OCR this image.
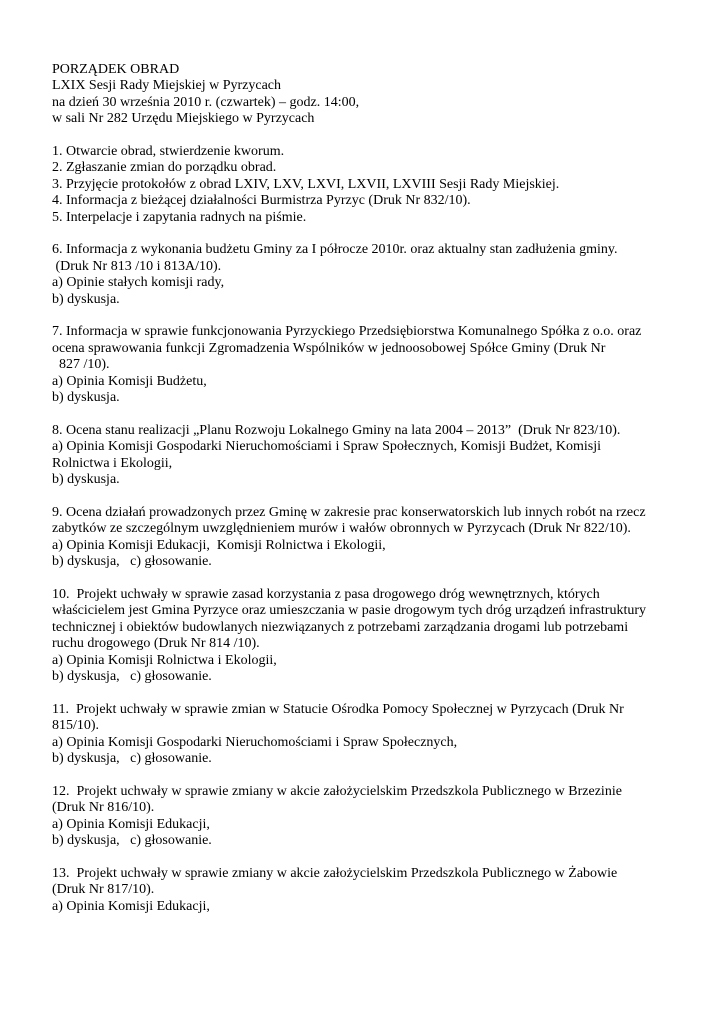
PORZĄDEK OBRAD
LXIX Sesji Rady Miejskiej w Pyrzycach
na dzień 30 września 2010 r. (czwartek) – godz. 14:00,
w sali Nr 282 Urzędu Miejskiego w Pyrzycach
1. Otwarcie obrad, stwierdzenie kworum.
2. Zgłaszanie zmian do porządku obrad.
3. Przyjęcie protokołów z obrad LXIV, LXV, LXVI, LXVII, LXVIII Sesji Rady Miejskiej.
4. Informacja z bieżącej działalności Burmistrza Pyrzyc (Druk Nr 832/10).
5. Interpelacje i zapytania radnych na piśmie.
6. Informacja z wykonania budżetu Gminy za I półrocze 2010r. oraz aktualny stan zadłużenia gminy.
(Druk Nr 813 /10 i 813A/10).
a) Opinie stałych komisji rady,
b) dyskusja.
7. Informacja w sprawie funkcjonowania Pyrzyckiego Przedsiębiorstwa Komunalnego Spółka z o.o. oraz
ocena sprawowania funkcji Zgromadzenia Wspólników w jednoosobowej Spółce Gminy (Druk Nr
827 /10).
a) Opinia Komisji Budżetu,
b) dyskusja.
8. Ocena stanu realizacji „Planu Rozwoju Lokalnego Gminy na lata 2004 – 2013”  (Druk Nr 823/10).
a) Opinia Komisji Gospodarki Nieruchomościami i Spraw Społecznych, Komisji Budżet, Komisji
Rolnictwa i Ekologii,
b) dyskusja.
9. Ocena działań prowadzonych przez Gminę w zakresie prac konserwatorskich lub innych robót na rzecz
zabytków ze szczególnym uwzględnieniem murów i wałów obronnych w Pyrzycach (Druk Nr 822/10).
a) Opinia Komisji Edukacji,  Komisji Rolnictwa i Ekologii,
b) dyskusja,   c) głosowanie.
10.  Projekt uchwały w sprawie zasad korzystania z pasa drogowego dróg wewnętrznych, których
właścicielem jest Gmina Pyrzyce oraz umieszczania w pasie drogowym tych dróg urządzeń infrastruktury
technicznej i obiektów budowlanych niezwiązanych z potrzebami zarządzania drogami lub potrzebami
ruchu drogowego (Druk Nr 814 /10).
a) Opinia Komisji Rolnictwa i Ekologii,
b) dyskusja,   c) głosowanie.
11.  Projekt uchwały w sprawie zmian w Statucie Ośrodka Pomocy Społecznej w Pyrzycach (Druk Nr
815/10).
a) Opinia Komisji Gospodarki Nieruchomościami i Spraw Społecznych,
b) dyskusja,   c) głosowanie.
12.  Projekt uchwały w sprawie zmiany w akcie założycielskim Przedszkola Publicznego w Brzezinie
(Druk Nr 816/10).
a) Opinia Komisji Edukacji,
b) dyskusja,   c) głosowanie.
13.  Projekt uchwały w sprawie zmiany w akcie założycielskim Przedszkola Publicznego w Żabowie
(Druk Nr 817/10).
a) Opinia Komisji Edukacji,
